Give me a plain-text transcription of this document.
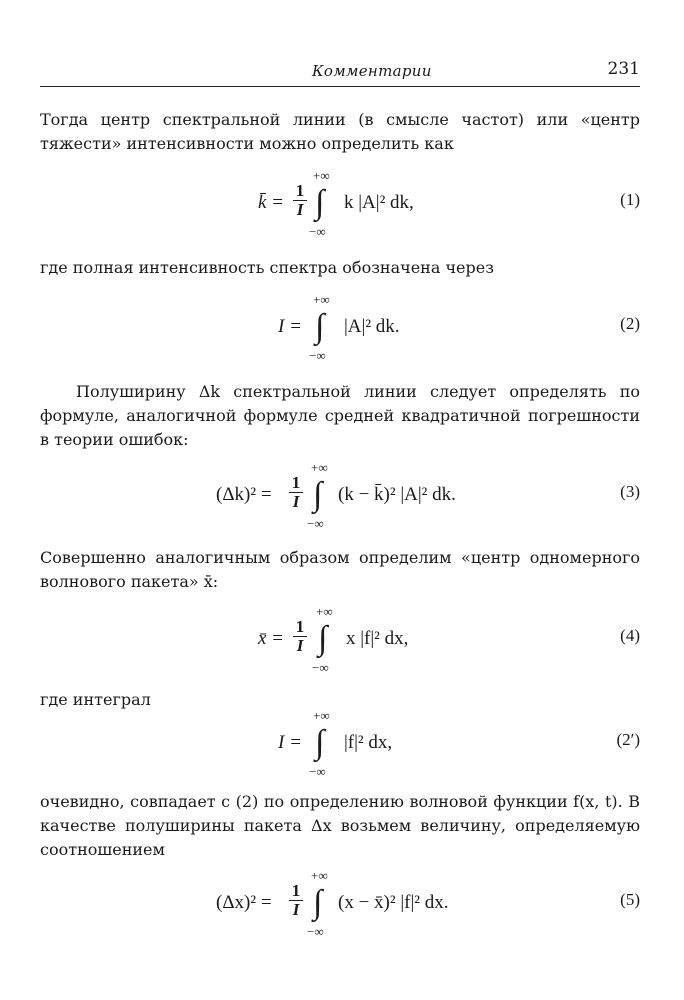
Комментарии	231

Тогда центр спектральной линии (в смысле частот) или «центр тяжести» интенсивности можно определить как

k̄ = $\frac{1}{I}$
+∞
∫
−∞
k |A|² dk,	(1)

где полная интенсивность спектра обозначена через

I =
+∞
∫
−∞
|A|² dk.	(2)

Полуширину Δk спектральной линии следует определять по формуле, аналогичной формуле средней квадратичной погрешности в теории ошибок:

$(\Delta k)^2 = \frac{1}{I}$
+∞
∫
−∞
(k − k̄)² |A|² dk.	(3)

Совершенно аналогичным образом определим «центр одномерного волнового пакета» x̄:

x̄ = $\frac{1}{I}$
+∞
∫
−∞
x |f|² dx,	(4)

где интеграл

I =
+∞
∫
−∞
|f|² dx,	(2′)

очевидно, совпадает с (2) по определению волновой функции f(x, t). В качестве полуширины пакета Δx возьмем величину, определяемую соотношением

$(\Delta x)^2 = \frac{1}{I}$
+∞
∫
−∞
(x − x̄)² |f|² dx.	(5)
